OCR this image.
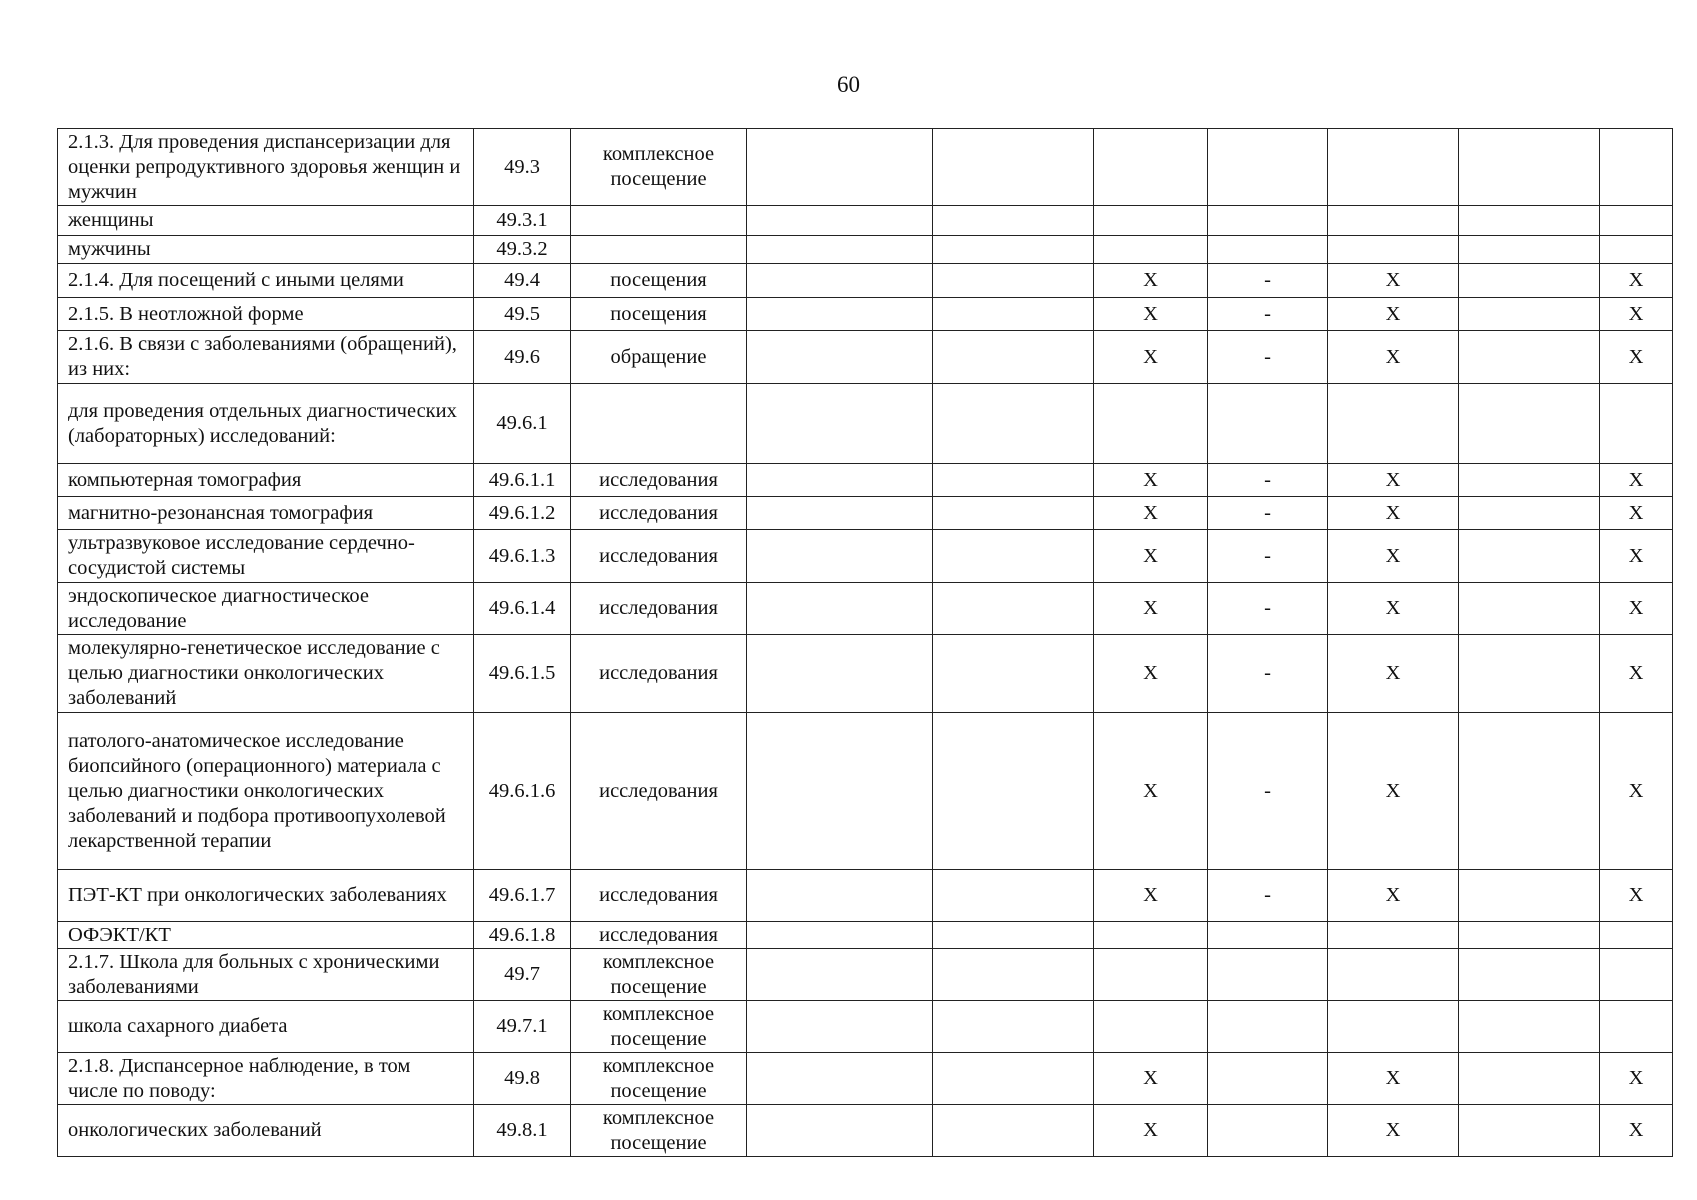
60
2.1.3. Для проведения диспансеризации для оценки репродуктивного здоровья женщин и мужчин	49.3	комплексное посещение							
женщины	49.3.1								
мужчины	49.3.2								
2.1.4. Для посещений с иными целями	49.4	посещения			Х	-	Х		Х
2.1.5. В неотложной форме	49.5	посещения			Х	-	Х		Х
2.1.6. В связи с заболеваниями (обращений), из них:	49.6	обращение			Х	-	Х		Х
для проведения отдельных диагностических (лабораторных) исследований:	49.6.1								
компьютерная томография	49.6.1.1	исследования			Х	-	Х		Х
магнитно-резонансная томография	49.6.1.2	исследования			Х	-	Х		Х
ультразвуковое исследование сердечно-сосудистой системы	49.6.1.3	исследования			Х	-	Х		Х
эндоскопическое диагностическое исследование	49.6.1.4	исследования			Х	-	Х		Х
молекулярно-генетическое исследование с целью диагностики онкологических заболеваний	49.6.1.5	исследования			Х	-	Х		Х
патолого-анатомическое исследование биопсийного (операционного) материала с целью диагностики онкологических заболеваний и подбора противоопухолевой лекарственной терапии	49.6.1.6	исследования			Х	-	Х		Х
ПЭТ-КТ при онкологических заболеваниях	49.6.1.7	исследования			Х	-	Х		Х
ОФЭКТ/КТ	49.6.1.8	исследования							
2.1.7. Школа для больных с хроническими заболеваниями	49.7	комплексное посещение							
школа сахарного диабета	49.7.1	комплексное посещение							
2.1.8. Диспансерное наблюдение, в том числе по поводу:	49.8	комплексное посещение			Х		Х		Х
онкологических заболеваний	49.8.1	комплексное посещение			Х		Х		Х
